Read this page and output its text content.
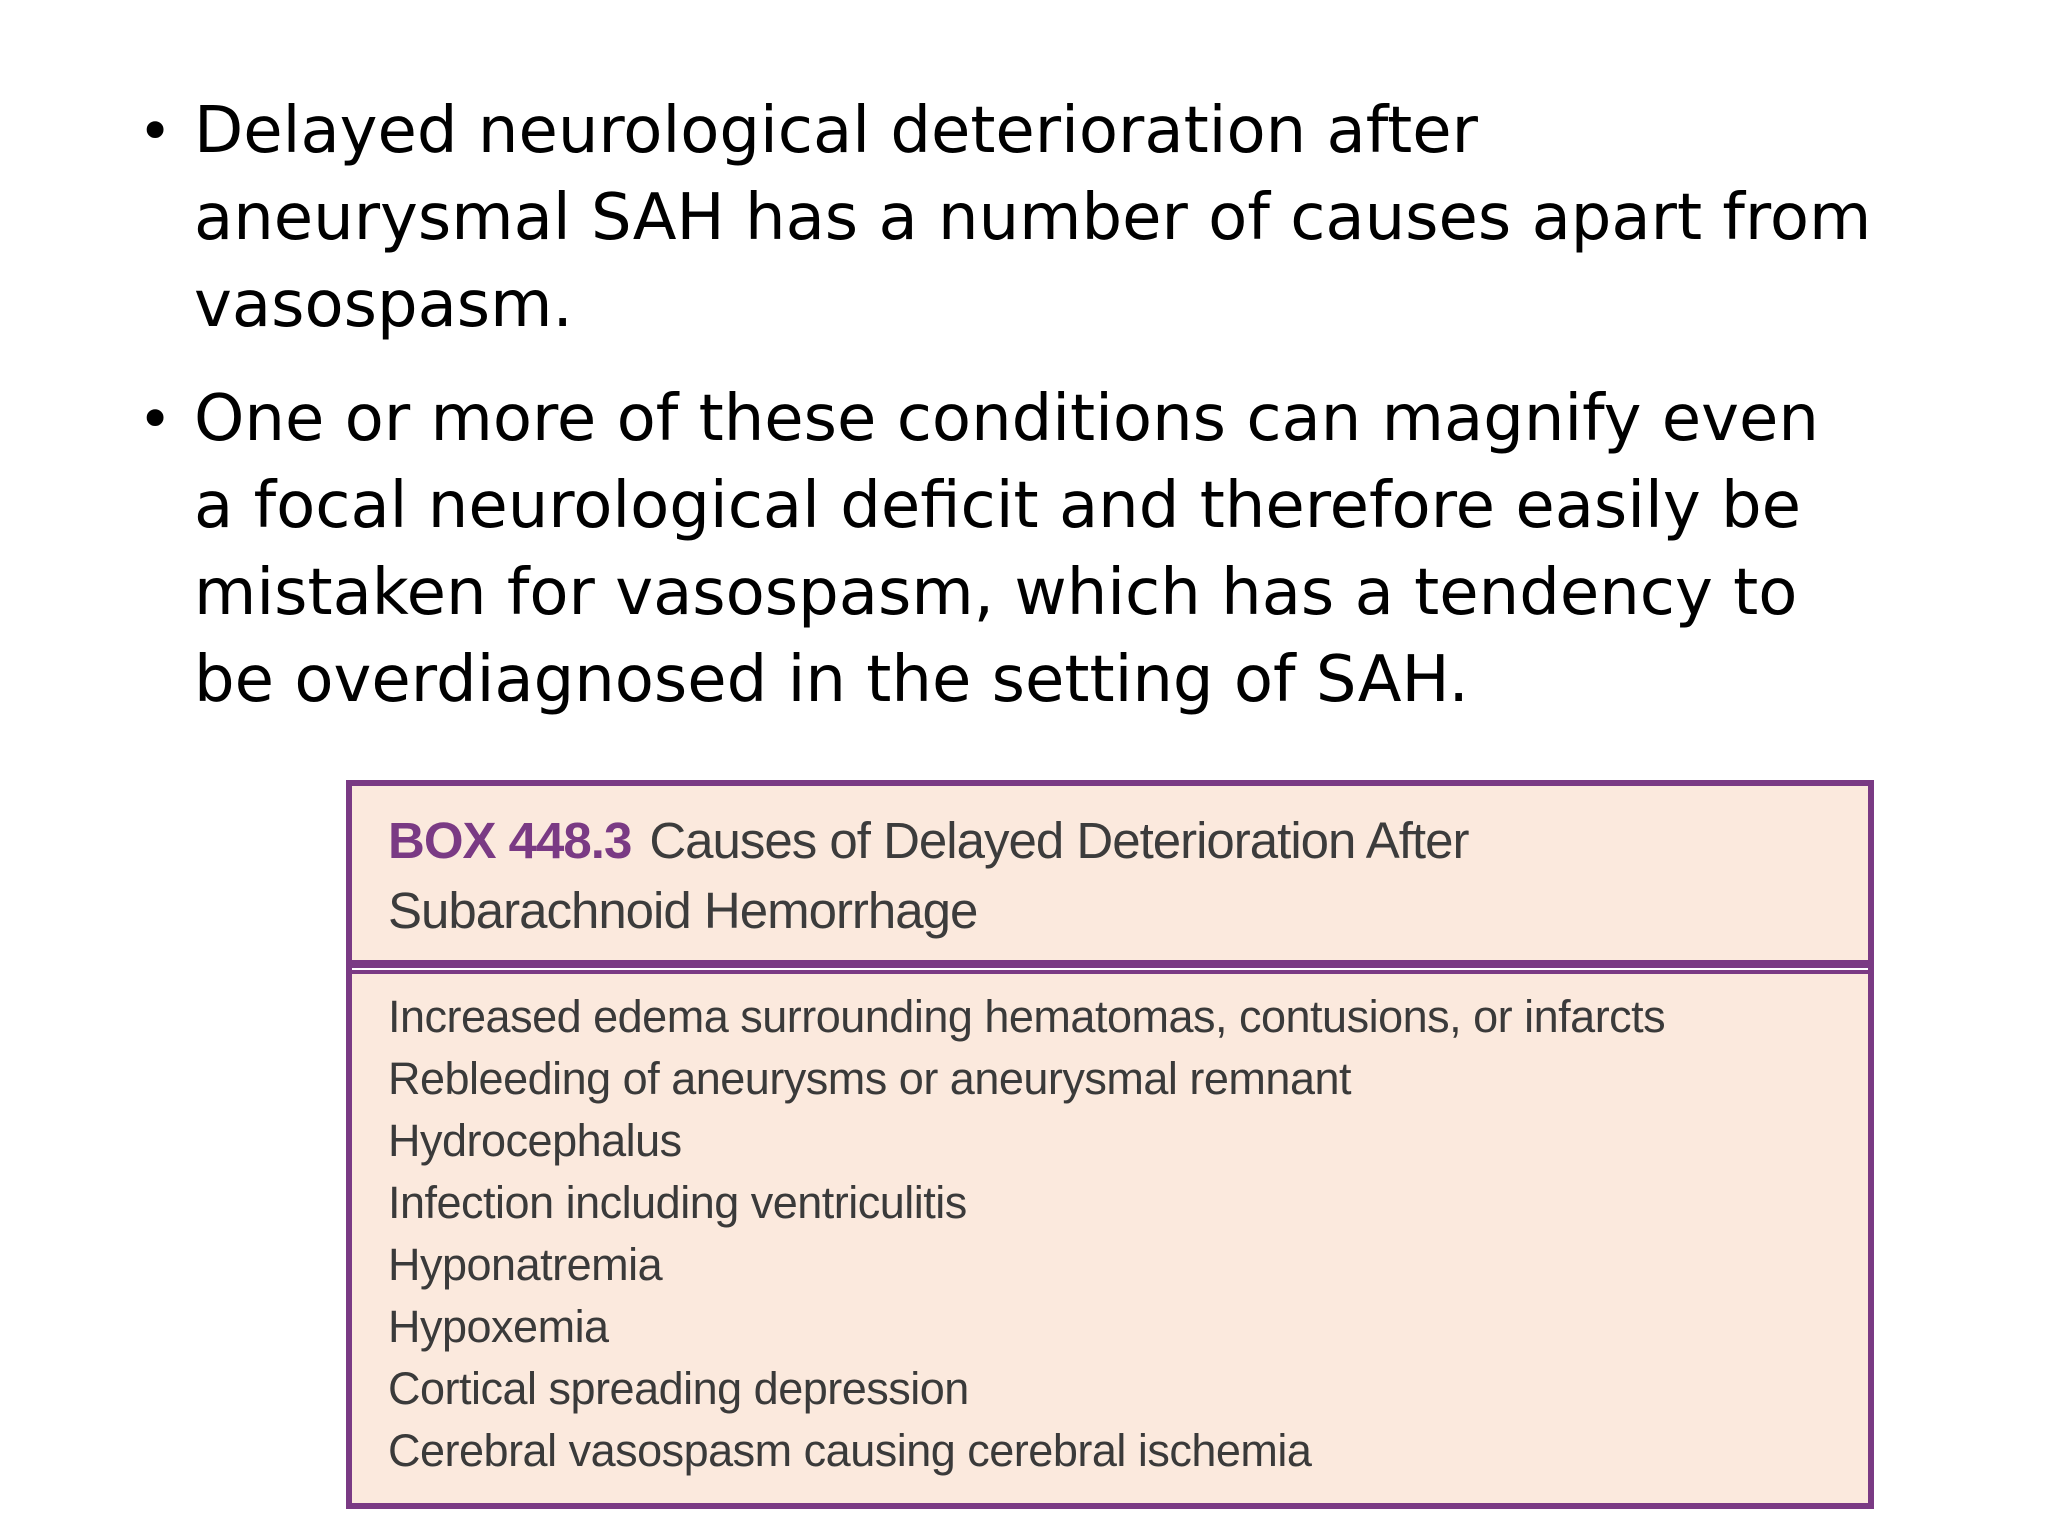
• Delayed neurological deterioration after
aneurysmal SAH has a number of causes apart from
vasospasm.
• One or more of these conditions can magnify even
a focal neurological deficit and therefore easily be
mistaken for vasospasm, which has a tendency to
be overdiagnosed in the setting of SAH.
BOX 448.3 Causes of Delayed Deterioration After
Subarachnoid Hemorrhage
Increased edema surrounding hematomas, contusions, or infarcts
Rebleeding of aneurysms or aneurysmal remnant
Hydrocephalus
Infection including ventriculitis
Hyponatremia
Hypoxemia
Cortical spreading depression
Cerebral vasospasm causing cerebral ischemia
